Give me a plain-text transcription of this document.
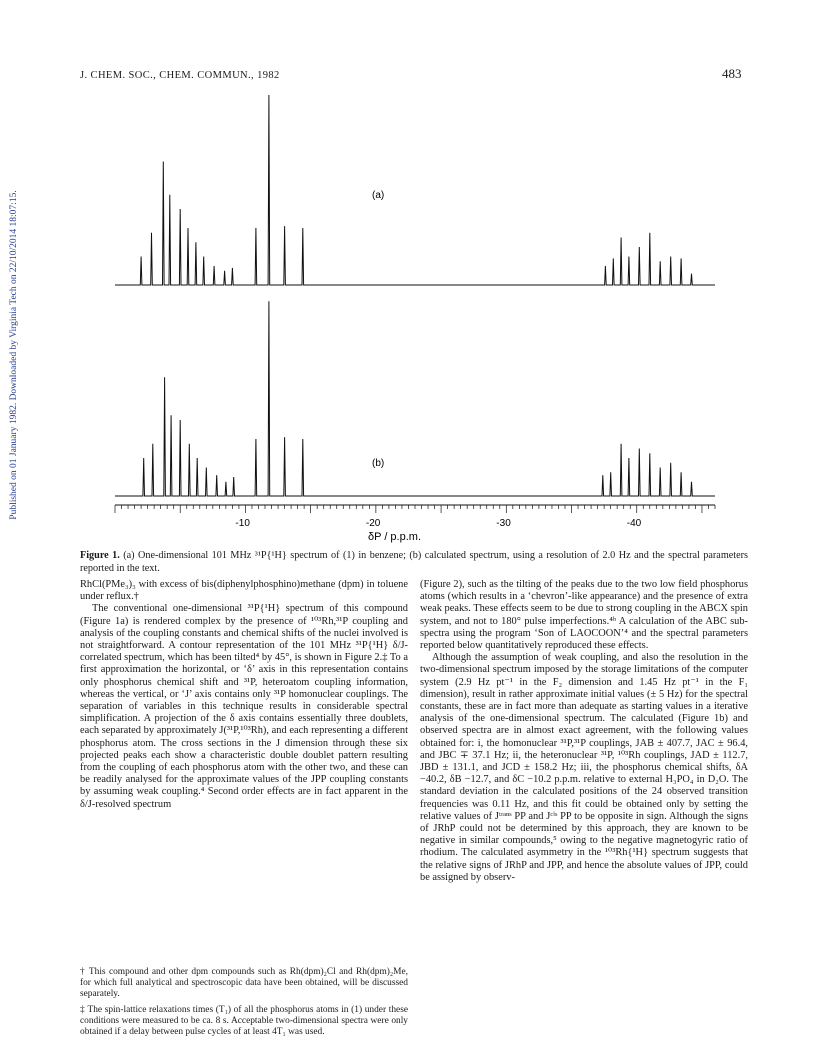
Published on 01 January 1982. Downloaded by Virginia Tech on 22/10/2014 18:07:15.
J. CHEM. SOC., CHEM. COMMUN., 1982	483
(a)
(b)
-10	-20	-30	-40
δP / p.p.m.
Figure 1. (a) One-dimensional 101 MHz ³¹P{¹H} spectrum of (1) in benzene; (b) calculated spectrum, using a resolution of 2.0 Hz and the spectral parameters reported in the text.

RhCl(PMe₃)₃ with excess of bis(diphenylphosphino)methane (dpm) in toluene under reflux.†

The conventional one-dimensional ³¹P{¹H} spectrum of this compound (Figure 1a) is rendered complex by the presence of ¹⁰³Rh,³¹P coupling and analysis of the coupling constants and chemical shifts of the nuclei involved is not straightforward. A contour representation of the 101 MHz ³¹P{¹H} δ/J-correlated spectrum, which has been tilted⁴ by 45°, is shown in Figure 2.‡ To a first approximation the horizontal, or ‘δ’ axis in this representation contains only phosphorus chemical shift and ³¹P, heteroatom coupling information, whereas the vertical, or ‘J’ axis contains only ³¹P homonuclear couplings. The separation of variables in this technique results in considerable spectral simplification. A projection of the δ axis contains essentially three doublets, each separated by approximately J(³¹P,¹⁰³Rh), and each representing a different phosphorus atom. The cross sections in the J dimension through these six projected peaks each show a characteristic double doublet pattern resulting from the coupling of each phosphorus atom with the other two, and these can be readily analysed for the approximate values of the JPP coupling constants by assuming weak coupling.⁴ Second order effects are in fact apparent in the δ/J-resolved spectrum

(Figure 2), such as the tilting of the peaks due to the two low field phosphorus atoms (which results in a ‘chevron’-like appearance) and the presence of extra weak peaks. These effects seem to be due to strong coupling in the ABCX spin system, and not to 180° pulse imperfections.⁴ᵇ A calculation of the ABC sub-spectra using the program ‘Son of LAOCOON’⁴ and the spectral parameters reported below quantitatively reproduced these effects.

Although the assumption of weak coupling, and also the resolution in the two-dimensional spectrum imposed by the storage limitations of the computer system (2.9 Hz pt⁻¹ in the F₂ dimension and 1.45 Hz pt⁻¹ in the F₁ dimension), result in rather approximate initial values (± 5 Hz) for the spectral constants, these are in fact more than adequate as starting values in a iterative analysis of the one-dimensional spectrum. The calculated (Figure 1b) and observed spectra are in almost exact agreement, with the following values obtained for: i, the homonuclear ³¹P,³¹P couplings, JAB ± 407.7, JAC ± 96.4, and JBC ∓ 37.1 Hz; ii, the heteronuclear ³¹P, ¹⁰³Rh couplings, JAD ± 112.7, JBD ± 131.1, and JCD ± 158.2 Hz; iii, the phosphorus chemical shifts, δA −40.2, δB −12.7, and δC −10.2 p.p.m. relative to external H₃PO₄ in D₂O. The standard deviation in the calculated positions of the 24 observed transition frequencies was 0.11 Hz, and this fit could be obtained only by setting the relative values of Jᵗʳᵃⁿˢ PP and Jᶜⁱˢ PP to be opposite in sign. Although the signs of JRhP could not be determined by this approach, they are known to be negative in similar compounds,⁵ owing to the negative magnetogyric ratio of rhodium. The calculated asymmetry in the ¹⁰³Rh{¹H} spectrum suggests that the relative signs of JRhP and JPP, and hence the absolute values of JPP, could be assigned by observ-

† This compound and other dpm compounds such as Rh(dpm)₂Cl and Rh(dpm)₂Me, for which full analytical and spectroscopic data have been obtained, will be discussed separately.

‡ The spin-lattice relaxations times (T₁) of all the phosphorus atoms in (1) under these conditions were measured to be ca. 8 s. Acceptable two-dimensional spectra were only obtained if a delay between pulse cycles of at least 4T₁ was used.
